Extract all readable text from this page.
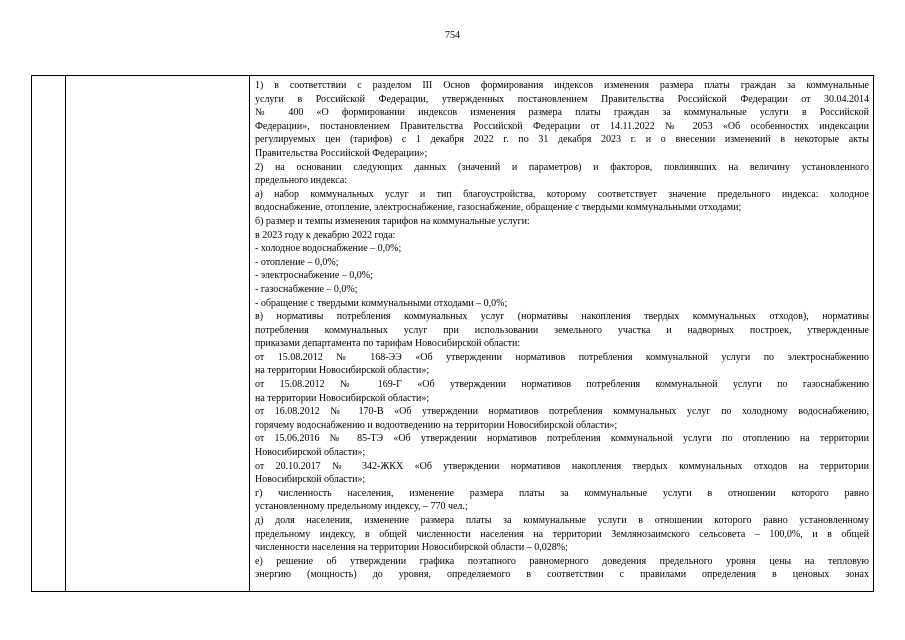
754
1) в соответствии с разделом III Основ формирования индексов изменения размера платы граждан за коммунальные
услуги в Российской Федерации, утвержденных постановлением Правительства Российской Федерации от 30.04.2014
№ 400 «О формировании индексов изменения размера платы граждан за коммунальные услуги в Российской
Федерации», постановлением Правительства Российской Федерации от 14.11.2022 № 2053 «Об особенностях индексации
регулируемых цен (тарифов) с 1 декабря 2022 г. по 31 декабря 2023 г. и о внесении изменений в некоторые акты
Правительства Российской Федерации»;
2) на основании следующих данных (значений и параметров) и факторов, повлиявших на величину установленного
предельного индекса:
а) набор коммунальных услуг и тип благоустройства, которому соответствует значение предельного индекса: холодное
водоснабжение, отопление, электроснабжение, газоснабжение, обращение с твердыми коммунальными отходами;
б) размер и темпы изменения тарифов на коммунальные услуги:
в 2023 году к декабрю 2022 года:
- холодное водоснабжение – 0,0%;
- отопление – 0,0%;
- электроснабжение – 0,0%;
- газоснабжение – 0,0%;
- обращение с твердыми коммунальными отходами – 0,0%;
в) нормативы потребления коммунальных услуг (нормативы накопления твердых коммунальных отходов), нормативы
потребления коммунальных услуг при использовании земельного участка и надворных построек, утвержденные
приказами департамента по тарифам Новосибирской области:
от 15.08.2012 № 168-ЭЭ «Об утверждении нормативов потребления коммунальной услуги по электроснабжению
на территории Новосибирской области»;
от 15.08.2012 № 169-Г «Об утверждении нормативов потребления коммунальной услуги по газоснабжению
на территории Новосибирской области»;
от 16.08.2012 № 170-В «Об утверждении нормативов потребления коммунальных услуг по холодному водоснабжению,
горячему водоснабжению и водоотведению на территории Новосибирской области»;
от 15.06.2016 № 85-ТЭ «Об утверждении нормативов потребления коммунальной услуги по отоплению на территории
Новосибирской области»;
от 20.10.2017 № 342-ЖКХ «Об утверждении нормативов накопления твердых коммунальных отходов на территории
Новосибирской области»;
г) численность населения, изменение размера платы за коммунальные услуги в отношении которого равно
установленному предельному индексу, – 770 чел.;
д) доля населения, изменение размера платы за коммунальные услуги в отношении которого равно установленному
предельному индексу, в общей численности населения на территории Землянозаимского сельсовета – 100,0%, и в общей
численности населения на территории Новосибирской области – 0,028%;
е) решение об утверждении графика поэтапного равномерного доведения предельного уровня цены на тепловую
энергию (мощность) до уровня, определяемого в соответствии с правилами определения в ценовых зонах
